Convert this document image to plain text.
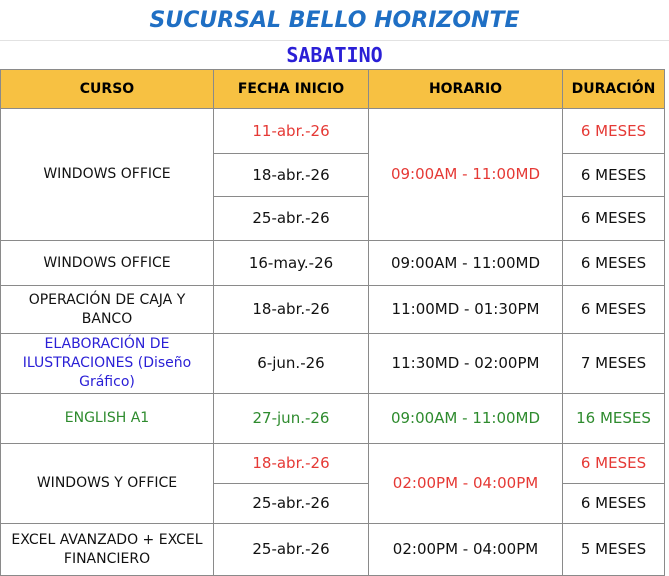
SUCURSAL BELLO HORIZONTE
SABATINO
CURSO	FECHA INICIO	HORARIO	DURACIÓN
WINDOWS OFFICE	11-abr.-26	09:00AM - 11:00MD	6 MESES
	18-abr.-26		6 MESES
	25-abr.-26		6 MESES
WINDOWS OFFICE	16-may.-26	09:00AM - 11:00MD	6 MESES
OPERACIÓN DE CAJA Y BANCO	18-abr.-26	11:00MD - 01:30PM	6 MESES
ELABORACIÓN DE ILUSTRACIONES (Diseño Gráfico)	6-jun.-26	11:30MD - 02:00PM	7 MESES
ENGLISH A1	27-jun.-26	09:00AM - 11:00MD	16 MESES
WINDOWS Y OFFICE	18-abr.-26	02:00PM - 04:00PM	6 MESES
	25-abr.-26		6 MESES
EXCEL AVANZADO + EXCEL FINANCIERO	25-abr.-26	02:00PM - 04:00PM	5 MESES
